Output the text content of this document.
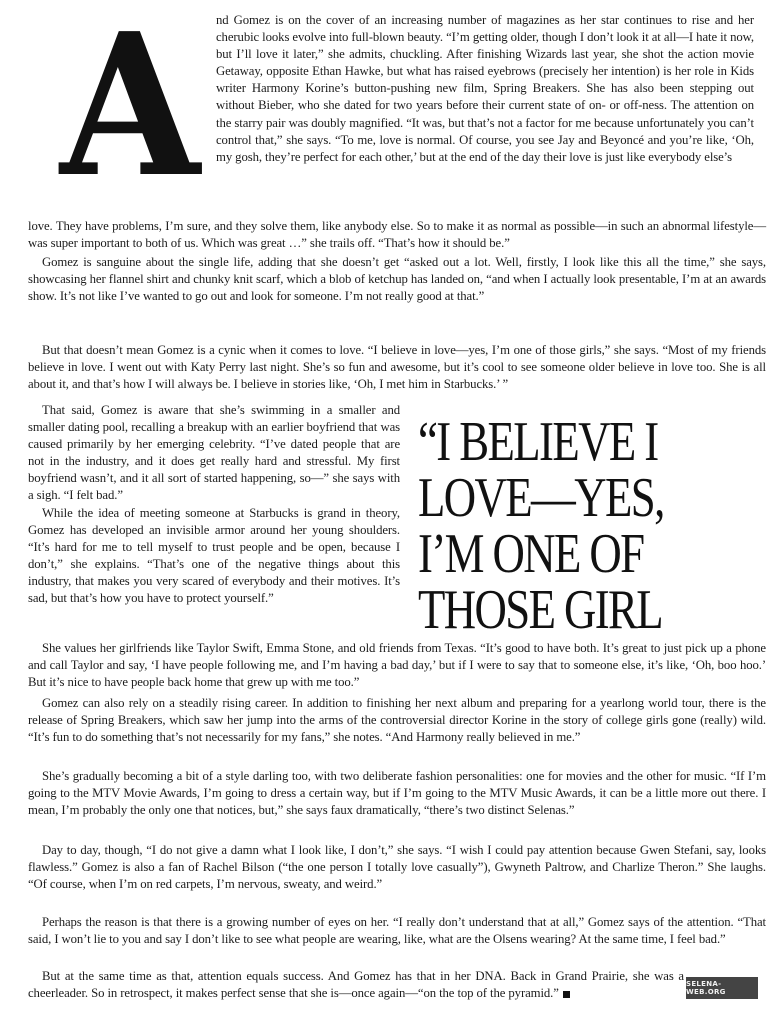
A nd Gomez is on the cover of an increasing number of magazines as her star continues to rise and her cherubic looks evolve into full-blown beauty. “I’m getting older, though I don’t look it at all—I hate it now, but I’ll love it later,” she admits, chuckling. After finishing Wizards last year, she shot the action movie Getaway, opposite Ethan Hawke, but what has raised eyebrows (precisely her intention) is her role in Kids writer Harmony Korine’s button-pushing new film, Spring Breakers. She has also been stepping out without Bieber, who she dated for two years before their current state of on- or off-ness. The attention on the starry pair was doubly magnified. “It was, but that’s not a factor for me because unfortunately you can’t control that,” she says. “To me, love is normal. Of course, you see Jay and Beyoncé and you’re like, ‘Oh, my gosh, they’re perfect for each other,’ but at the end of the day their love is just like everybody else’s

love. They have problems, I’m sure, and they solve them, like anybody else. So to make it as normal as possible—in such an abnormal lifestyle—was super important to both of us. Which was great …” she trails off. “That’s how it should be.”

Gomez is sanguine about the single life, adding that she doesn’t get “asked out a lot. Well, firstly, I look like this all the time,” she says, showcasing her flannel shirt and chunky knit scarf, which a blob of ketchup has landed on, “and when I actually look presentable, I’m at an awards show. It’s not like I’ve wanted to go out and look for someone. I’m not really good at that.”

But that doesn’t mean Gomez is a cynic when it comes to love. “I believe in love—yes, I’m one of those girls,” she says. “Most of my friends believe in love. I went out with Katy Perry last night. She’s so fun and awesome, but it’s cool to see someone older believe in love too. She is all about it, and that’s how I will always be. I believe in stories like, ‘Oh, I met him in Starbucks.’ ”

That said, Gomez is aware that she’s swimming in a smaller and smaller dating pool, recalling a breakup with an earlier boyfriend that was caused primarily by her emerging celebrity. “I’ve dated people that are not in the industry, and it does get really hard and stressful. My first boyfriend wasn’t, and it all sort of started happening, so—” she says with a sigh. “I felt bad.”

While the idea of meeting someone at Starbucks is grand in theory, Gomez has developed an invisible armor around her young shoulders. “It’s hard for me to tell myself to trust people and be open, because I don’t,” she explains. “That’s one of the negative things about this industry, that makes you very scared of everybody and their motives. It’s sad, but that’s how you have to protect yourself.”

“I BELIEVE I
LOVE—YES,
I’M ONE OF
THOSE GIRL

She values her girlfriends like Taylor Swift, Emma Stone, and old friends from Texas. “It’s good to have both. It’s great to just pick up a phone and call Taylor and say, ‘I have people following me, and I’m having a bad day,’ but if I were to say that to someone else, it’s like, ‘Oh, boo hoo.’ But it’s nice to have people back home that grew up with me too.”

Gomez can also rely on a steadily rising career. In addition to finishing her next album and preparing for a yearlong world tour, there is the release of Spring Breakers, which saw her jump into the arms of the controversial director Korine in the story of college girls gone (really) wild. “It’s fun to do something that’s not necessarily for my fans,” she notes. “And Harmony really believed in me.”

She’s gradually becoming a bit of a style darling too, with two deliberate fashion personalities: one for movies and the other for music. “If I’m going to the MTV Movie Awards, I’m going to dress a certain way, but if I’m going to the MTV Music Awards, it can be a little more out there. I mean, I’m probably the only one that notices, but,” she says faux dramatically, “there’s two distinct Selenas.”

Day to day, though, “I do not give a damn what I look like, I don’t,” she says. “I wish I could pay attention because Gwen Stefani, say, looks flawless.” Gomez is also a fan of Rachel Bilson (“the one person I totally love casually”), Gwyneth Paltrow, and Charlize Theron.” She laughs. “Of course, when I’m on red carpets, I’m nervous, sweaty, and weird.”

Perhaps the reason is that there is a growing number of eyes on her. “I really don’t understand that at all,” Gomez says of the attention. “That said, I won’t lie to you and say I don’t like to see what people are wearing, like, what are the Olsens wearing? At the same time, I feel bad.”

But at the same time as that, attention equals success. And Gomez has that in her DNA. Back in Grand Prairie, she was a cheerleader. So in retrospect, it makes perfect sense that she is—once again—“on the top of the pyramid.”

SELENA-WEB.ORG
